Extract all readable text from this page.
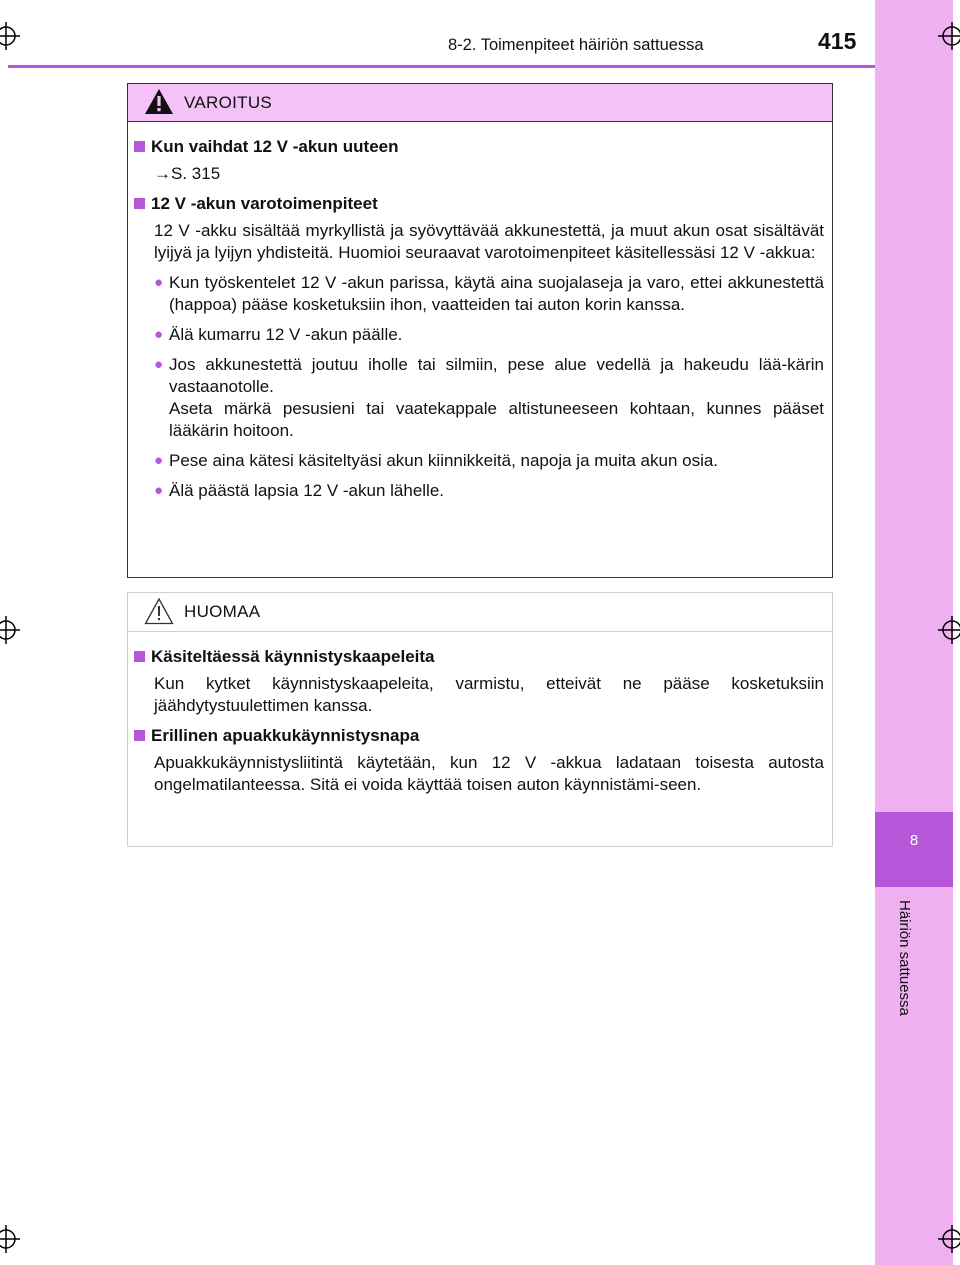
8
Häiriön sattuessa
8-2. Toimenpiteet häiriön sattuessa	415
VAROITUS
Kun vaihdat 12 V -akun uuteen
→S. 315
12 V -akun varotoimenpiteet
12 V -akku sisältää myrkyllistä ja syövyttävää akkunestettä, ja muut akun osat sisältävät lyijyä ja lyijyn yhdisteitä. Huomioi seuraavat varotoimenpiteet käsitellessäsi 12 V -akkua:
● Kun työskentelet 12 V -akun parissa, käytä aina suojalaseja ja varo, ettei akkunestettä (happoa) pääse kosketuksiin ihon, vaatteiden tai auton korin kanssa.
● Älä kumarru 12 V -akun päälle.
● Jos akkunestettä joutuu iholle tai silmiin, pese alue vedellä ja hakeudu lää-kärin vastaanotolle.

Aseta märkä pesusieni tai vaatekappale altistuneeseen kohtaan, kunnes pääset lääkärin hoitoon.

● Pese aina kätesi käsiteltyäsi akun kiinnikkeitä, napoja ja muita akun osia.
● Älä päästä lapsia 12 V -akun lähelle.
HUOMAA
Käsiteltäessä käynnistyskaapeleita
Kun kytket käynnistyskaapeleita, varmistu, etteivät ne pääse kosketuksiin jäähdytystuulettimen kanssa.
Erillinen apuakkukäynnistysnapa
Apuakkukäynnistysliitintä käytetään, kun 12 V -akkua ladataan toisesta autosta ongelmatilanteessa. Sitä ei voida käyttää toisen auton käynnistämi-seen.
